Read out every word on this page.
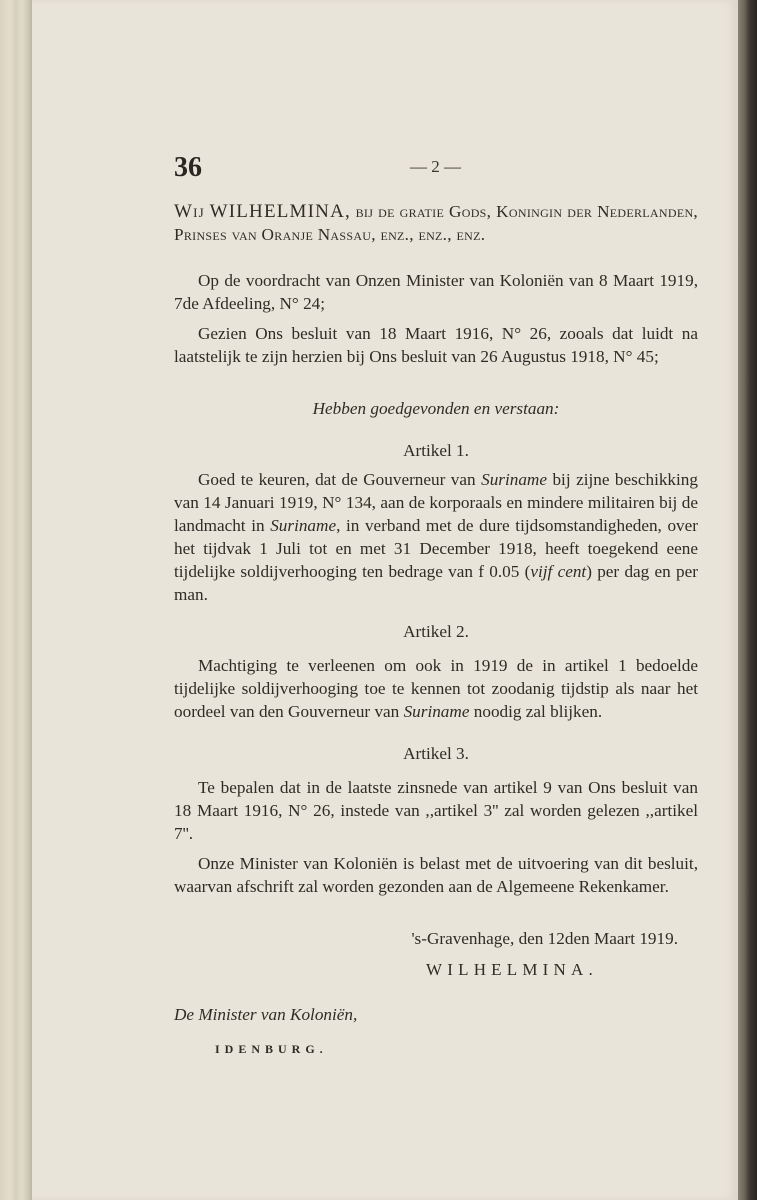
36	— 2 —
Wij WILHELMINA, bij de gratie Gods, Koningin der Nederlanden, Prinses van Oranje Nassau, enz., enz., enz.
Op de voordracht van Onzen Minister van Koloniën van 8 Maart 1919, 7de Afdeeling, N° 24;
Gezien Ons besluit van 18 Maart 1916, N° 26, zooals dat luidt na laatstelijk te zijn herzien bij Ons besluit van 26 Augustus 1918, N° 45;
Hebben goedgevonden en verstaan:
Artikel 1.
Goed te keuren, dat de Gouverneur van Suriname bij zijne beschikking van 14 Januari 1919, N° 134, aan de korporaals en mindere militairen bij de landmacht in Suriname, in verband met de dure tijdsomstandigheden, over het tijdvak 1 Juli tot en met 31 December 1918, heeft toegekend eene tijdelijke soldijverhooging ten bedrage van f 0.05 (vijf cent) per dag en per man.
Artikel 2.
Machtiging te verleenen om ook in 1919 de in artikel 1 bedoelde tijdelijke soldijverhooging toe te kennen tot zoodanig tijdstip als naar het oordeel van den Gouverneur van Suriname noodig zal blijken.
Artikel 3.
Te bepalen dat in de laatste zinsnede van artikel 9 van Ons besluit van 18 Maart 1916, N° 26, instede van ,,artikel 3'' zal worden gelezen ,,artikel 7''.
Onze Minister van Koloniën is belast met de uitvoering van dit besluit, waarvan afschrift zal worden gezonden aan de Algemeene Rekenkamer.
's-Gravenhage, den 12den Maart 1919.
WILHELMINA.
De Minister van Koloniën,
IDENBURG.
